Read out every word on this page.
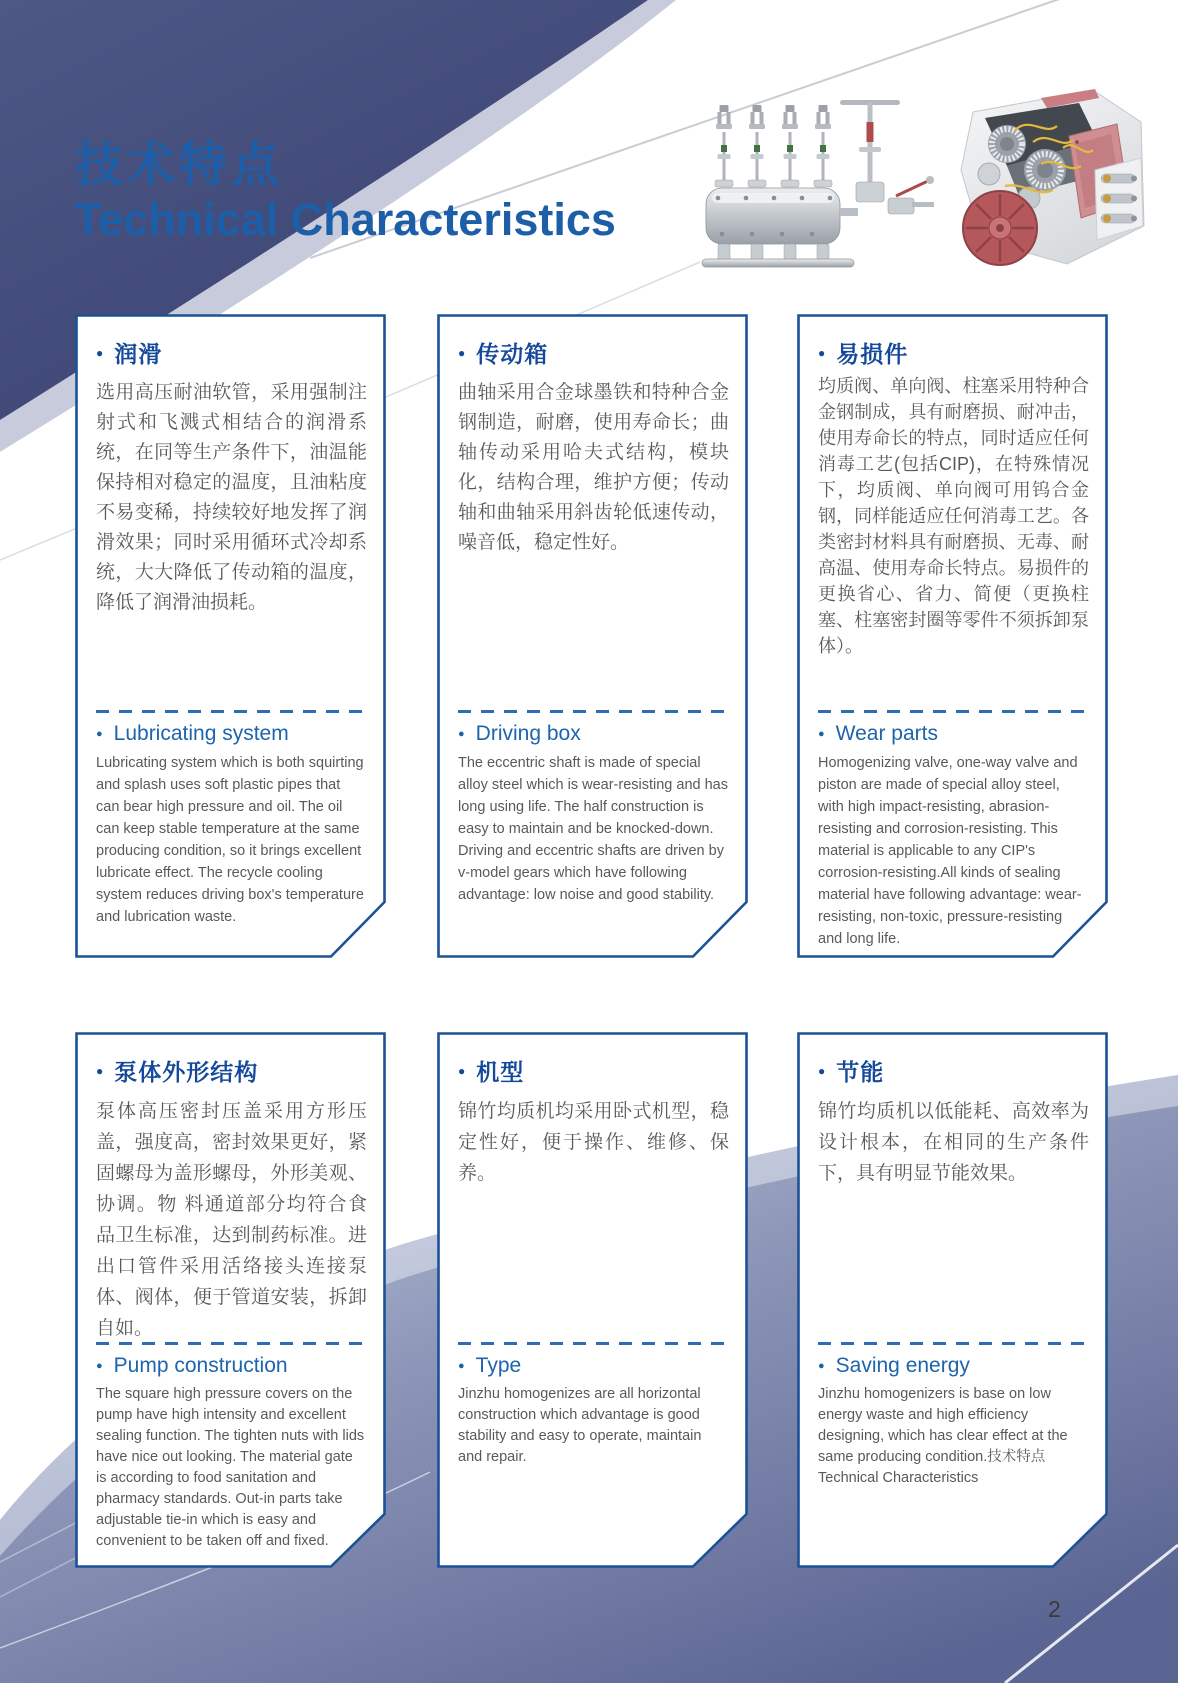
技术特点
Technical Characteristics
● 润滑

选用高压耐油软管，采用强制注射式和飞溅式相结合的润滑系统，在同等生产条件下，油温能保持相对稳定的温度，且油粘度不易变稀，持续较好地发挥了润滑效果；同时采用循环式冷却系统，大大降低了传动箱的温度，降低了润滑油损耗。

● Lubricating system

Lubricating system which is both squirting and splash uses soft plastic pipes that can bear high pressure and oil. The oil can keep stable temperature at the same producing condition, so it brings excellent lubricate effect. The recycle cooling system reduces driving box's temperature and lubrication waste.

● 传动箱

曲轴采用合金球墨铁和特种合金钢制造，耐磨，使用寿命长；曲轴传动采用哈夫式结构，模块化，结构合理，维护方便；传动轴和曲轴采用斜齿轮低速传动，噪音低，稳定性好。

● Driving box

The eccentric shaft is made of special alloy steel which is wear-resisting and has long using life. The half construction is easy to maintain and be knocked-down. Driving and eccentric shafts are driven by v-model gears which have following advantage: low noise and good stability.

● 易损件

均质阀、单向阀、柱塞采用特种合金钢制成，具有耐磨损、耐冲击，使用寿命长的特点，同时适应任何消毒工艺(包括CIP)，在特殊情况下，均质阀、单向阀可用钨合金钢，同样能适应任何消毒工艺。各类密封材料具有耐磨损、无毒、耐高温、使用寿命长特点。易损件的更换省心、省力、简便（更换柱塞、柱塞密封圈等零件不须拆卸泵体）。

● Wear parts

Homogenizing valve, one-way valve and piston are made of special alloy steel, with high impact-resisting, abrasion-resisting and corrosion-resisting. This material is applicable to any CIP's corrosion-resisting.All kinds of sealing material have following advantage: wear-resisting, non-toxic, pressure-resisting and long life.

● 泵体外形结构

泵体高压密封压盖采用方形压盖，强度高，密封效果更好，紧固螺母为盖形螺母，外形美观、协调。物 料通道部分均符合食品卫生标准，达到制药标准。进出口管件采用活络接头连接泵体、阀体，便于管道安装，拆卸自如。

● Pump construction

The square high pressure covers on the pump have high intensity and excellent sealing function. The tighten nuts with lids have nice out looking. The material gate is according to food sanitation and pharmacy standards. Out-in parts take adjustable tie-in which is easy and convenient to be taken off and fixed.

● 机型

锦竹均质机均采用卧式机型，稳定性好，便于操作、维修、保养。

● Type

Jinzhu homogenizes are all horizontal construction which advantage is good stability and easy to operate, maintain and repair.

● 节能

锦竹均质机以低能耗、高效率为设计根本，在相同的生产条件下，具有明显节能效果。

● Saving energy

Jinzhu homogenizers is base on low energy waste and high efficiency designing, which has clear effect at the same producing condition.技术特点 Technical Characteristics

2
